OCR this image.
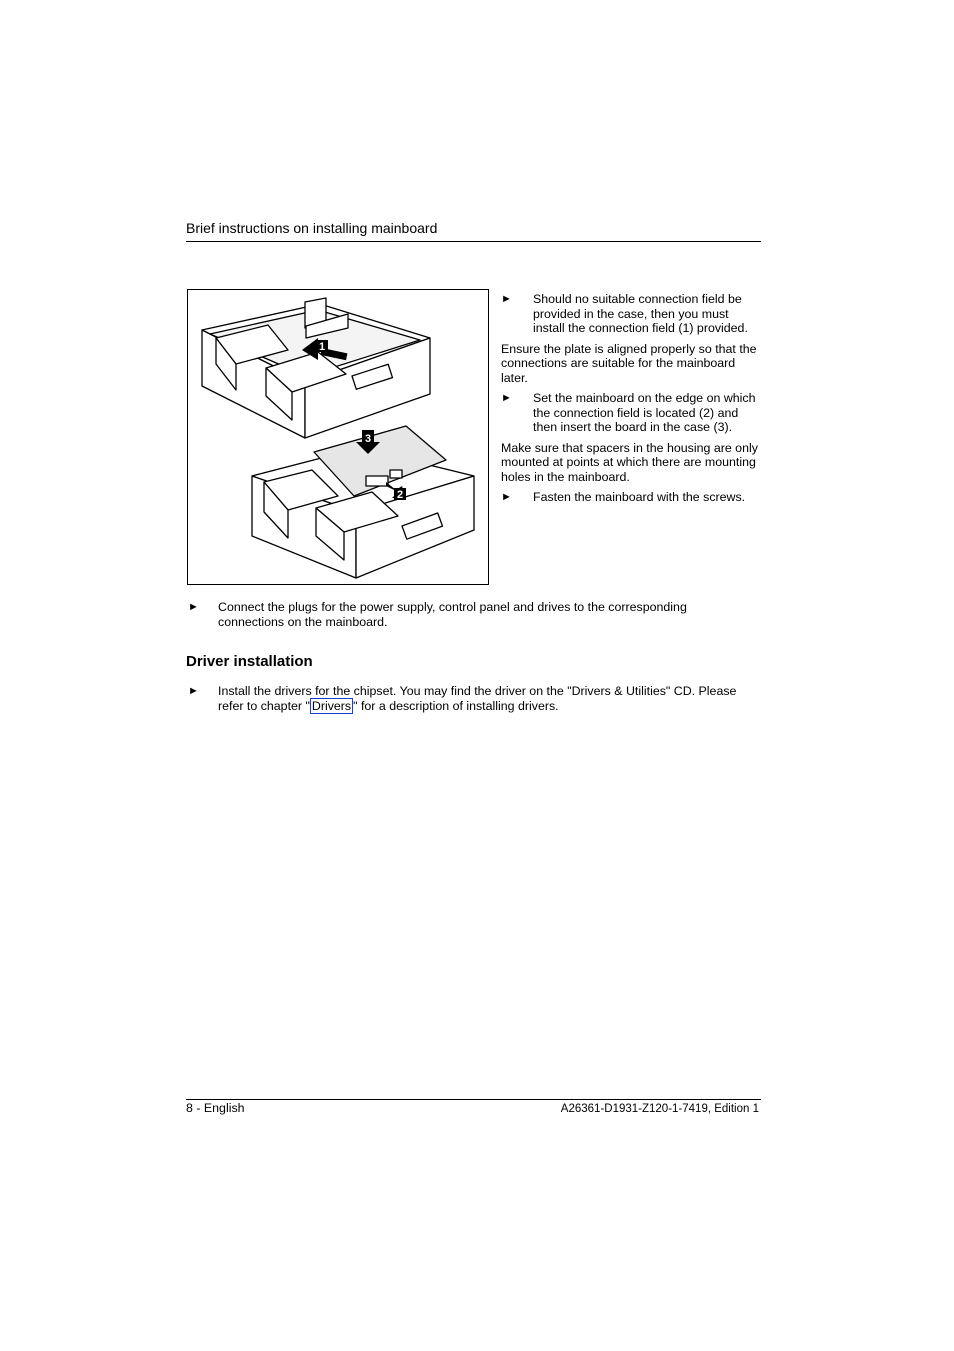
Brief instructions on installing mainboard
1
2
3
► Should no suitable connection field be provided in the case, then you must install the connection field (1) provided.

Ensure the plate is aligned properly so that the connections are suitable for the mainboard later.

► Set the mainboard on the edge on which the connection field is located (2) and then insert the board in the case (3).

Make sure that spacers in the housing are only mounted at points at which there are mounting holes in the mainboard.

► Fasten the mainboard with the screws.
► Connect the plugs for the power supply, control panel and drives to the corresponding connections on the mainboard.
Driver installation
► Install the drivers for the chipset. You may find the driver on the "Drivers & Utilities" CD. Please refer to chapter " Drivers " for a description of installing drivers.
8 - English	A26361-D1931-Z120-1-7419, Edition 1
